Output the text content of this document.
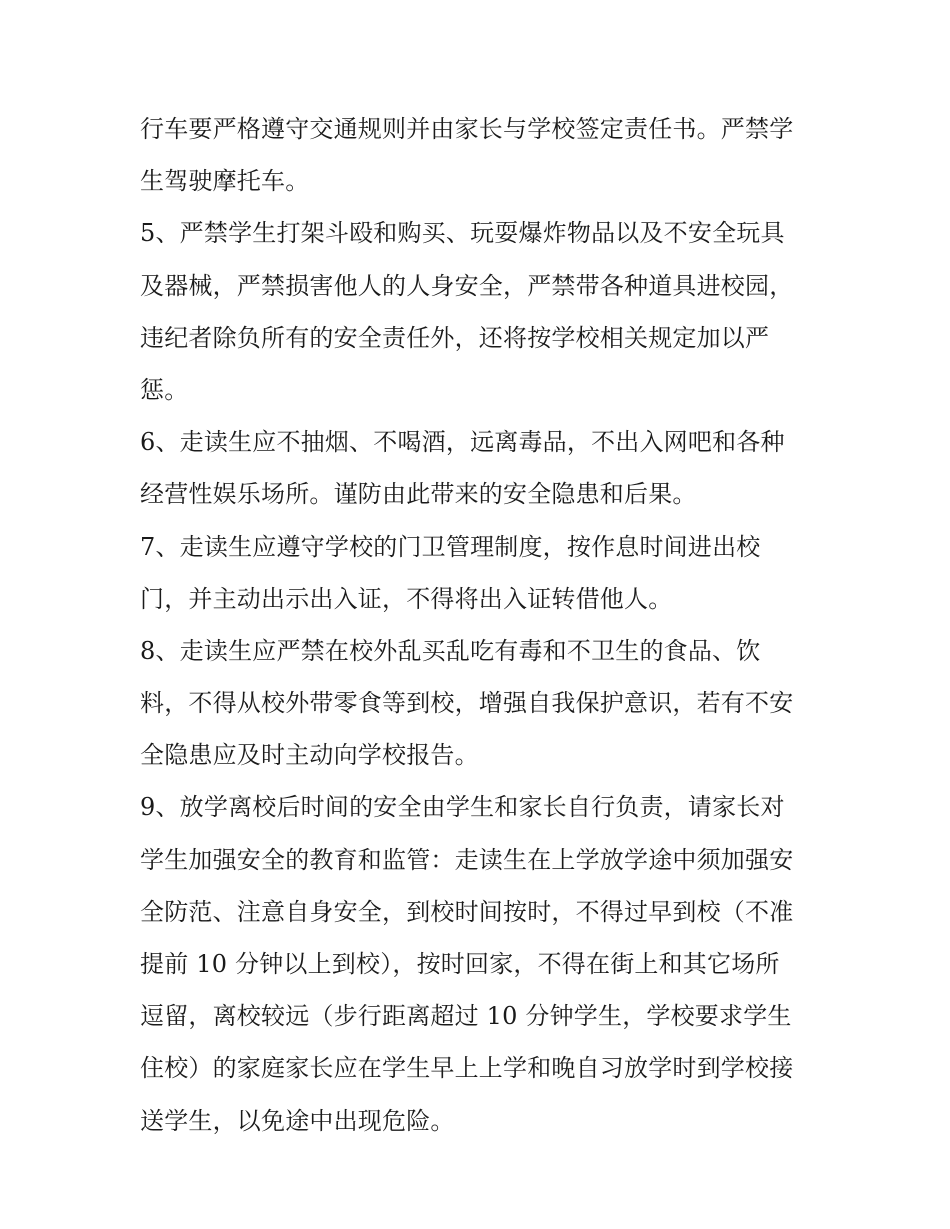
行车要严格遵守交通规则并由家长与学校签定责任书。严禁学
生驾驶摩托车。
5、严禁学生打架斗殴和购买、玩耍爆炸物品以及不安全玩具
及器械，严禁损害他人的人身安全，严禁带各种道具进校园，
违纪者除负所有的安全责任外，还将按学校相关规定加以严
惩。
6、走读生应不抽烟、不喝酒，远离毒品，不出入网吧和各种
经营性娱乐场所。谨防由此带来的安全隐患和后果。
7、走读生应遵守学校的门卫管理制度，按作息时间进出校
门，并主动出示出入证，不得将出入证转借他人。
8、走读生应严禁在校外乱买乱吃有毒和不卫生的食品、饮
料，不得从校外带零食等到校，增强自我保护意识，若有不安
全隐患应及时主动向学校报告。
9、放学离校后时间的安全由学生和家长自行负责，请家长对
学生加强安全的教育和监管：走读生在上学放学途中须加强安
全防范、注意自身安全，到校时间按时，不得过早到校（不准
提前 10 分钟以上到校），按时回家，不得在街上和其它场所
逗留，离校较远（步行距离超过 10 分钟学生，学校要求学生
住校）的家庭家长应在学生早上上学和晚自习放学时到学校接
送学生，以免途中出现危险。
